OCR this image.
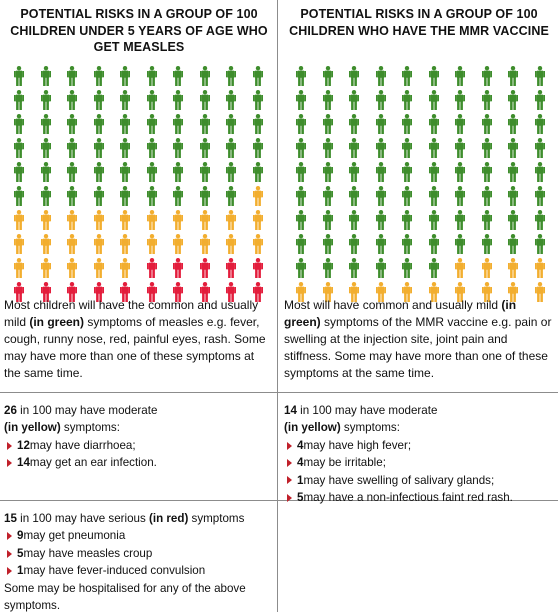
POTENTIAL RISKS IN A GROUP OF 100 CHILDREN UNDER 5 YEARS OF AGE WHO GET MEASLES
Most children will have the common and usually mild (in green) symptoms of measles e.g. fever, cough, runny nose, red, painful eyes, rash. Some may have more than one of these symptoms at the same time.
26 in 100 may have moderate
(in yellow) symptoms:
12 may have diarrhoea;
14 may get an ear infection.
15 in 100 may have serious (in red) symptoms
9 may get pneumonia
5 may have measles croup
1 may have fever-induced convulsion
Some may be hospitalised for any of the above symptoms.
POTENTIAL RISKS IN A GROUP OF 100 CHILDREN WHO HAVE THE MMR VACCINE
Most will have common and usually mild (in green) symptoms of the MMR vaccine e.g. pain or swelling at the injection site, joint pain and stiffness. Some may have more than one of these symptoms at the same time.
14 in 100 may have moderate
(in yellow) symptoms:
4 may have high fever;
4 may be irritable;
1 may have swelling of salivary glands;
5 may have a non-infectious faint red rash.
